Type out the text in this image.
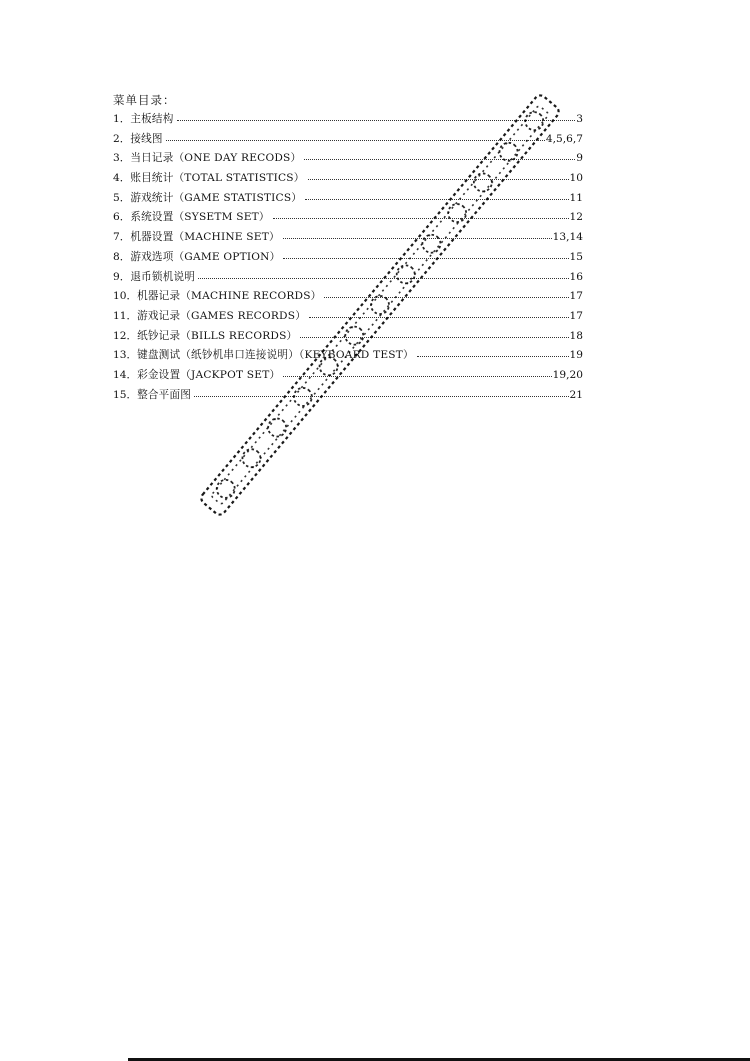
菜单目录：
1． 主板结构	3
2． 接线图	4,5,6,7
3． 当日记录（ONE DAY RECODS）	9
4． 账目统计（TOTAL STATISTICS）	10
5． 游戏统计（GAME STATISTICS）	11
6． 系统设置（SYSETM SET）	12
7． 机器设置（MACHINE SET）	13,14
8． 游戏选项（GAME OPTION）	15
9． 退币锁机说明	16
10． 机器记录（MACHINE RECORDS）	17
11． 游戏记录（GAMES RECORDS）	17
12． 纸钞记录（BILLS RECORDS）	18
13． 键盘测试（纸钞机串口连接说明）（KEYBOARD TEST）	19
14． 彩金设置（JACKPOT SET）	19,20
15． 整合平面图	21
